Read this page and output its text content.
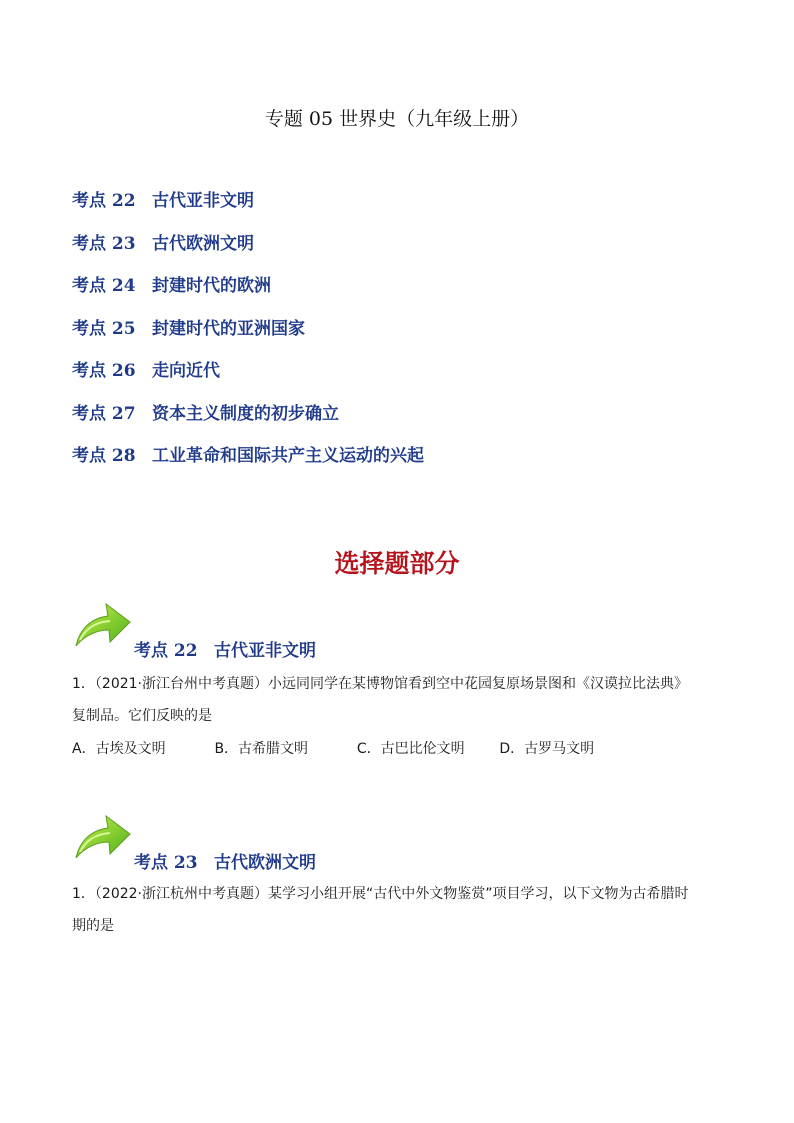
专题 05 世界史（九年级上册）
考点 22 古代亚非文明
考点 23 古代欧洲文明
考点 24 封建时代的欧洲
考点 25 封建时代的亚洲国家
考点 26 走向近代
考点 27 资本主义制度的初步确立
考点 28 工业革命和国际共产主义运动的兴起
选择题部分
考点 22 古代亚非文明
1．（2021·浙江台州中考真题）小远同同学在某博物馆看到空中花园复原场景图和《汉谟拉比法典》
复制品。它们反映的是
A．古埃及文明	B．古希腊文明	C．古巴比伦文明 D．古罗马文明
考点 23 古代欧洲文明
1．（2022·浙江杭州中考真题）某学习小组开展“古代中外文物鉴赏”项目学习，以下文物为古希腊时
期的是
